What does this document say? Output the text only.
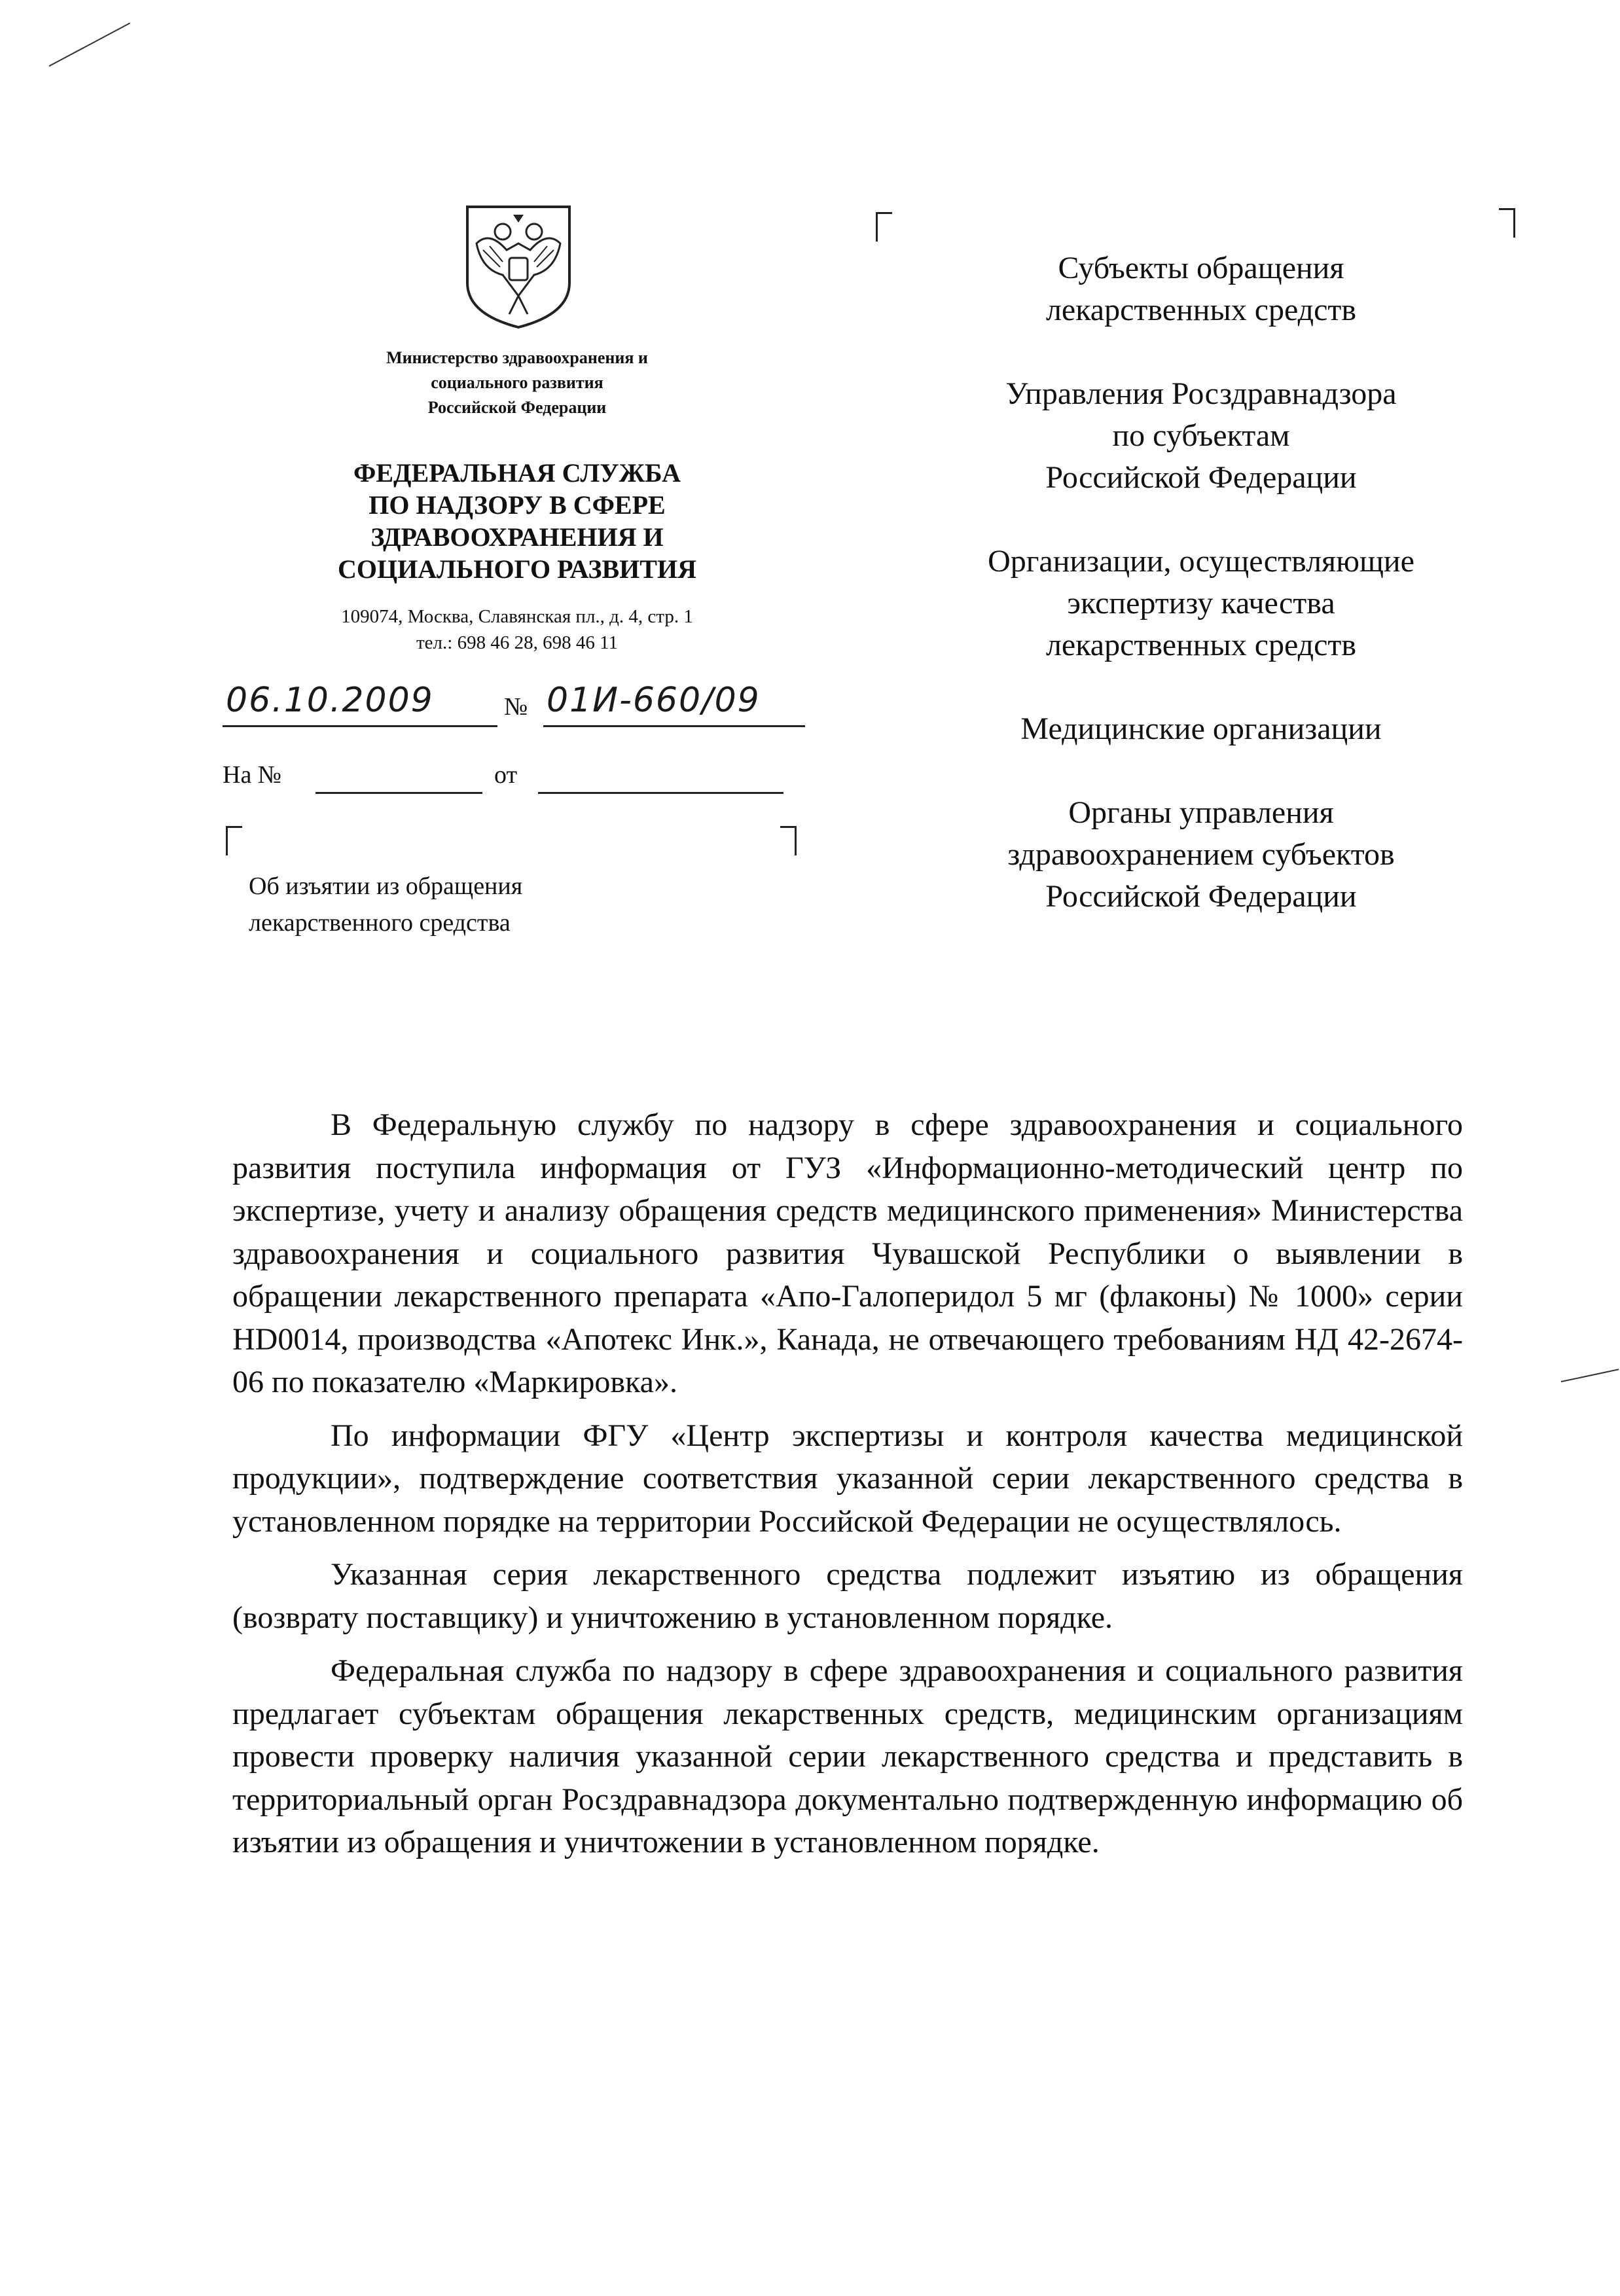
Министерство здравоохранения и
социального развития
Российской Федерации
ФЕДЕРАЛЬНАЯ СЛУЖБА
ПО НАДЗОРУ В СФЕРЕ
ЗДРАВООХРАНЕНИЯ И
СОЦИАЛЬНОГО РАЗВИТИЯ
109074, Москва, Славянская пл., д. 4, стр. 1
тел.: 698 46 28, 698 46 11
06.10.2009	№ 01И-660/09
На №	от
Об изъятии из обращения
лекарственного средства
Субъекты обращения
лекарственных средств
Управления Росздравнадзора
по субъектам
Российской Федерации
Организации, осуществляющие
экспертизу качества
лекарственных средств
Медицинские организации
Органы управления
здравоохранением субъектов
Российской Федерации

В Федеральную службу по надзору в сфере здравоохранения и социального развития поступила информация от ГУЗ «Информационно-методический центр по экспертизе, учету и анализу обращения средств медицинского применения» Министерства здравоохранения и социального развития Чувашской Республики о выявлении в обращении лекарственного препарата «Апо-Галоперидол 5 мг (флаконы) № 1000» серии HD0014, производства «Апотекс Инк.», Канада, не отвечающего требованиям НД 42-2674-06 по показателю «Маркировка».

По информации ФГУ «Центр экспертизы и контроля качества медицинской продукции», подтверждение соответствия указанной серии лекарственного средства в установленном порядке на территории Российской Федерации не осуществлялось.

Указанная серия лекарственного средства подлежит изъятию из обращения (возврату поставщику) и уничтожению в установленном порядке.

Федеральная служба по надзору в сфере здравоохранения и социального развития предлагает субъектам обращения лекарственных средств, медицинским организациям провести проверку наличия указанной серии лекарственного средства и представить в территориальный орган Росздравнадзора документально подтвержденную информацию об изъятии из обращения и уничтожении в установленном порядке.
